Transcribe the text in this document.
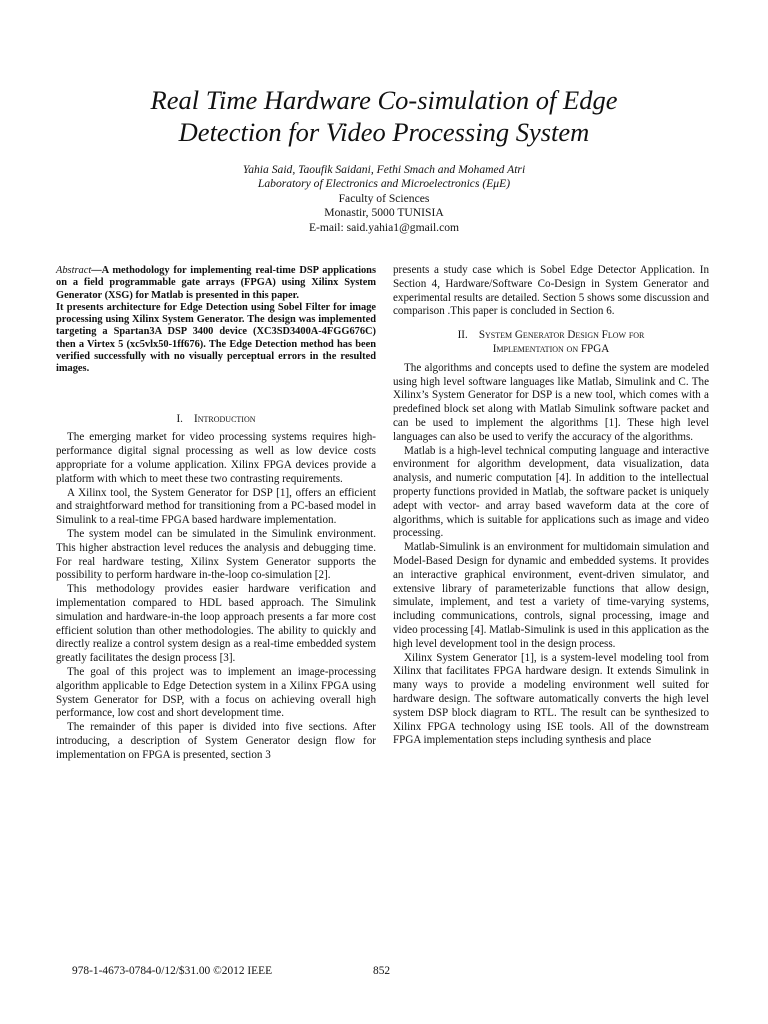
Real Time Hardware Co-simulation of Edge
Detection for Video Processing System
Yahia Said, Taoufik Saidani, Fethi Smach and Mohamed Atri
Laboratory of Electronics and Microelectronics (EμE)
Faculty of Sciences
Monastir, 5000 TUNISIA
E-mail: said.yahia1@gmail.com

Abstract—A methodology for implementing real-time DSP applications on a field programmable gate arrays (FPGA) using Xilinx System Generator (XSG) for Matlab is presented in this paper.

It presents architecture for Edge Detection using Sobel Filter for image processing using Xilinx System Generator. The design was implemented targeting a Spartan3A DSP 3400 device (XC3SD3400A-4FGG676C) then a Virtex 5 (xc5vlx50-1ff676). The Edge Detection method has been verified successfully with no visually perceptual errors in the resulted images.

I. Introduction

The emerging market for video processing systems requires high-performance digital signal processing as well as low device costs appropriate for a volume application. Xilinx FPGA devices provide a platform with which to meet these two contrasting requirements.

A Xilinx tool, the System Generator for DSP [1], offers an efficient and straightforward method for transitioning from a PC-based model in Simulink to a real-time FPGA based hardware implementation.

The system model can be simulated in the Simulink environment. This higher abstraction level reduces the analysis and debugging time. For real hardware testing, Xilinx System Generator supports the possibility to perform hardware in-the-loop co-simulation [2].

This methodology provides easier hardware verification and implementation compared to HDL based approach. The Simulink simulation and hardware-in-the loop approach presents a far more cost efficient solution than other methodologies. The ability to quickly and directly realize a control system design as a real-time embedded system greatly facilitates the design process [3].

The goal of this project was to implement an image-processing algorithm applicable to Edge Detection system in a Xilinx FPGA using System Generator for DSP, with a focus on achieving overall high performance, low cost and short development time.

The remainder of this paper is divided into five sections. After introducing, a description of System Generator design flow for implementation on FPGA is presented, section 3

presents a study case which is Sobel Edge Detector Application. In Section 4, Hardware/Software Co-Design in System Generator and experimental results are detailed. Section 5 shows some discussion and comparison .This paper is concluded in Section 6.

II. System Generator Design Flow for
Implementation on FPGA

The algorithms and concepts used to define the system are modeled using high level software languages like Matlab, Simulink and C. The Xilinx’s System Generator for DSP is a new tool, which comes with a predefined block set along with Matlab Simulink software packet and can be used to implement the algorithms [1]. These high level languages can also be used to verify the accuracy of the algorithms.

Matlab is a high-level technical computing language and interactive environment for algorithm development, data visualization, data analysis, and numeric computation [4]. In addition to the intellectual property functions provided in Matlab, the software packet is uniquely adept with vector- and array based waveform data at the core of algorithms, which is suitable for applications such as image and video processing.

Matlab-Simulink is an environment for multidomain simulation and Model-Based Design for dynamic and embedded systems. It provides an interactive graphical environment, event-driven simulator, and extensive library of parameterizable functions that allow design, simulate, implement, and test a variety of time-varying systems, including communications, controls, signal processing, image and video processing [4]. Matlab-Simulink is used in this application as the high level development tool in the design process.

Xilinx System Generator [1], is a system-level modeling tool from Xilinx that facilitates FPGA hardware design. It extends Simulink in many ways to provide a modeling environment well suited for hardware design. The software automatically converts the high level system DSP block diagram to RTL. The result can be synthesized to Xilinx FPGA technology using ISE tools. All of the downstream FPGA implementation steps including synthesis and place

978-1-4673-0784-0/12/$31.00 ©2012 IEEE	852
